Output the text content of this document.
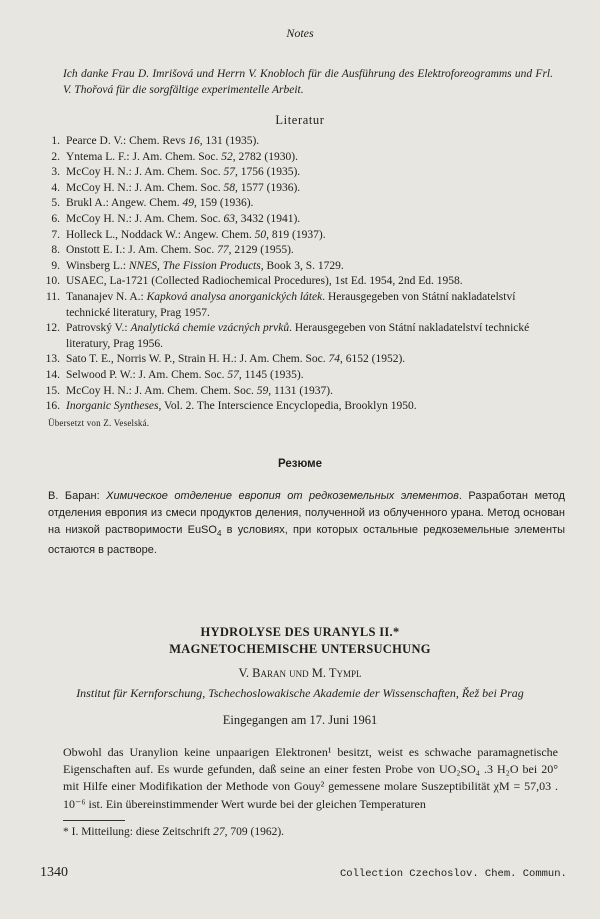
Notes
Ich danke Frau D. Imrišová und Herrn V. Knobloch für die Ausführung des Elektroforeogramms und Frl. V. Thořová für die sorgfältige experimentelle Arbeit.
Literatur
1. Pearce D. V.: Chem. Revs 16, 131 (1935).
2. Yntema L. F.: J. Am. Chem. Soc. 52, 2782 (1930).
3. McCoy H. N.: J. Am. Chem. Soc. 57, 1756 (1935).
4. McCoy H. N.: J. Am. Chem. Soc. 58, 1577 (1936).
5. Brukl A.: Angew. Chem. 49, 159 (1936).
6. McCoy H. N.: J. Am. Chem. Soc. 63, 3432 (1941).
7. Holleck L., Noddack W.: Angew. Chem. 50, 819 (1937).
8. Onstott E. I.: J. Am. Chem. Soc. 77, 2129 (1955).
9. Winsberg L.: NNES, The Fission Products, Book 3, S. 1729.
10. USAEC, La-1721 (Collected Radiochemical Procedures), 1st Ed. 1954, 2nd Ed. 1958.
11. Tananajev N. A.: Kapková analysa anorganických látek. Herausgegeben von Státní nakladatelství technické literatury, Prag 1957.
12. Patrovský V.: Analytická chemie vzácných prvků. Herausgegeben von Státní nakladatelství technické literatury, Prag 1956.
13. Sato T. E., Norris W. P., Strain H. H.: J. Am. Chem. Soc. 74, 6152 (1952).
14. Selwood P. W.: J. Am. Chem. Soc. 57, 1145 (1935).
15. McCoy H. N.: J. Am. Chem. Chem. Soc. 59, 1131 (1937).
16. Inorganic Syntheses, Vol. 2. The Interscience Encyclopedia, Brooklyn 1950.
Übersetzt von Z. Veselská.
Резюме
В. Баран: Химическое отделение европия от редкоземельных элементов. Разработан метод отделения европия из смеси продуктов деления, полученной из облученного урана. Метод основан на низкой растворимости EuSO$_4$ в условиях, при которых остальные редкоземельные элементы остаются в растворе.
HYDROLYSE DES URANYLS II.*
MAGNETOCHEMISCHE UNTERSUCHUNG
V. Baran und M. Tympl
Institut für Kernforschung, Tschechoslowakische Akademie der Wissenschaften, Řež bei Prag
Eingegangen am 17. Juni 1961
Obwohl das Uranylion keine unpaarigen Elektronen¹ besitzt, weist es schwache paramagnetische Eigenschaften auf. Es wurde gefunden, daß seine an einer festen Probe von UO₂SO₄ .3 H₂O bei 20° mit Hilfe einer Modifikation der Methode von Gouy² gemessene molare Suszeptibilität χM = 57,03 . 10⁻⁶ ist. Ein übereinstimmender Wert wurde bei der gleichen Temperaturen
* I. Mitteilung: diese Zeitschrift 27, 709 (1962).
1340	Collection Czechoslov. Chem. Commun.
